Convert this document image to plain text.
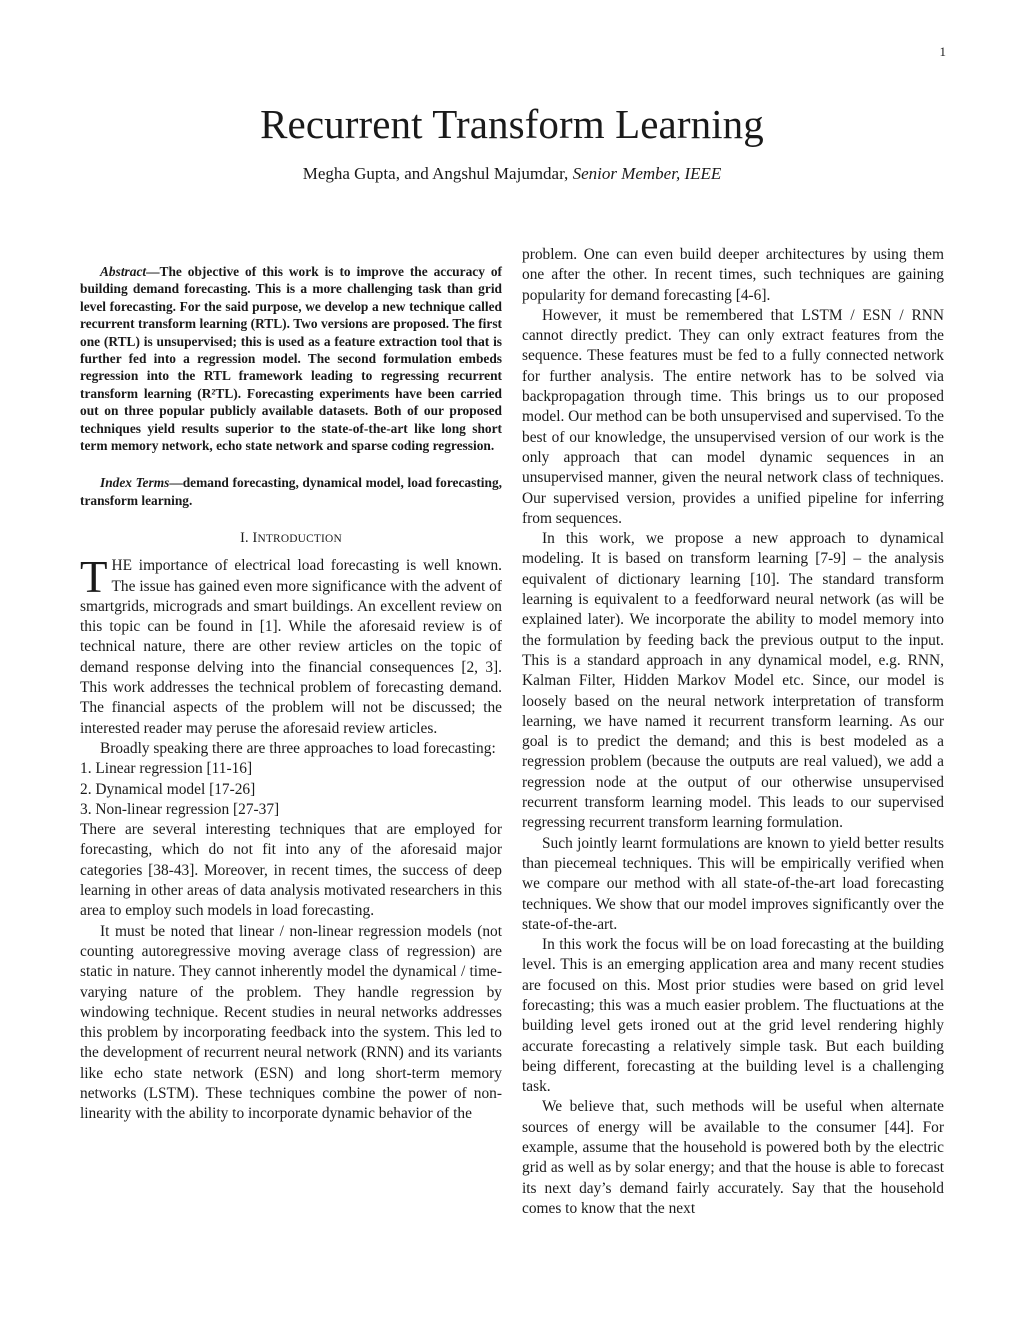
1
Recurrent Transform Learning
Megha Gupta, and Angshul Majumdar, Senior Member, IEEE

Abstract—The objective of this work is to improve the accuracy of building demand forecasting. This is a more challenging task than grid level forecasting. For the said purpose, we develop a new technique called recurrent transform learning (RTL). Two versions are proposed. The first one (RTL) is unsupervised; this is used as a feature extraction tool that is further fed into a regression model. The second formulation embeds regression into the RTL framework leading to regressing recurrent transform learning (R²TL). Forecasting experiments have been carried out on three popular publicly available datasets. Both of our proposed techniques yield results superior to the state-of-the-art like long short term memory network, echo state network and sparse coding regression.

Index Terms—demand forecasting, dynamical model, load forecasting, transform learning.

I. INTRODUCTION

THE importance of electrical load forecasting is well known. The issue has gained even more significance with the advent of smartgrids, micrograds and smart buildings. An excellent review on this topic can be found in [1]. While the aforesaid review is of technical nature, there are other review articles on the topic of demand response delving into the financial consequences [2, 3]. This work addresses the technical problem of forecasting demand. The financial aspects of the problem will not be discussed; the interested reader may peruse the aforesaid review articles.

Broadly speaking there are three approaches to load forecasting:

1. Linear regression [11-16]
2. Dynamical model [17-26]
3. Non-linear regression [27-37]

There are several interesting techniques that are employed for forecasting, which do not fit into any of the aforesaid major categories [38-43]. Moreover, in recent times, the success of deep learning in other areas of data analysis motivated researchers in this area to employ such models in load forecasting.

It must be noted that linear / non-linear regression models (not counting autoregressive moving average class of regression) are static in nature. They cannot inherently model the dynamical / time-varying nature of the problem. They handle regression by windowing technique. Recent studies in neural networks addresses this problem by incorporating feedback into the system. This led to the development of recurrent neural network (RNN) and its variants like echo state network (ESN) and long short-term memory networks (LSTM). These techniques combine the power of non-linearity with the ability to incorporate dynamic behavior of the

problem. One can even build deeper architectures by using them one after the other. In recent times, such techniques are gaining popularity for demand forecasting [4-6].

However, it must be remembered that LSTM / ESN / RNN cannot directly predict. They can only extract features from the sequence. These features must be fed to a fully connected network for further analysis. The entire network has to be solved via backpropagation through time. This brings us to our proposed model. Our method can be both unsupervised and supervised. To the best of our knowledge, the unsupervised version of our work is the only approach that can model dynamic sequences in an unsupervised manner, given the neural network class of techniques. Our supervised version, provides a unified pipeline for inferring from sequences.

In this work, we propose a new approach to dynamical modeling. It is based on transform learning [7-9] – the analysis equivalent of dictionary learning [10]. The standard transform learning is equivalent to a feedforward neural network (as will be explained later). We incorporate the ability to model memory into the formulation by feeding back the previous output to the input. This is a standard approach in any dynamical model, e.g. RNN, Kalman Filter, Hidden Markov Model etc. Since, our model is loosely based on the neural network interpretation of transform learning, we have named it recurrent transform learning. As our goal is to predict the demand; and this is best modeled as a regression problem (because the outputs are real valued), we add a regression node at the output of our otherwise unsupervised recurrent transform learning model. This leads to our supervised regressing recurrent transform learning formulation.

Such jointly learnt formulations are known to yield better results than piecemeal techniques. This will be empirically verified when we compare our method with all state-of-the-art load forecasting techniques. We show that our model improves significantly over the state-of-the-art.

In this work the focus will be on load forecasting at the building level. This is an emerging application area and many recent studies are focused on this. Most prior studies were based on grid level forecasting; this was a much easier problem. The fluctuations at the building level gets ironed out at the grid level rendering highly accurate forecasting a relatively simple task. But each building being different, forecasting at the building level is a challenging task.

We believe that, such methods will be useful when alternate sources of energy will be available to the consumer [44]. For example, assume that the household is powered both by the electric grid as well as by solar energy; and that the house is able to forecast its next day’s demand fairly accurately. Say that the household comes to know that the next
